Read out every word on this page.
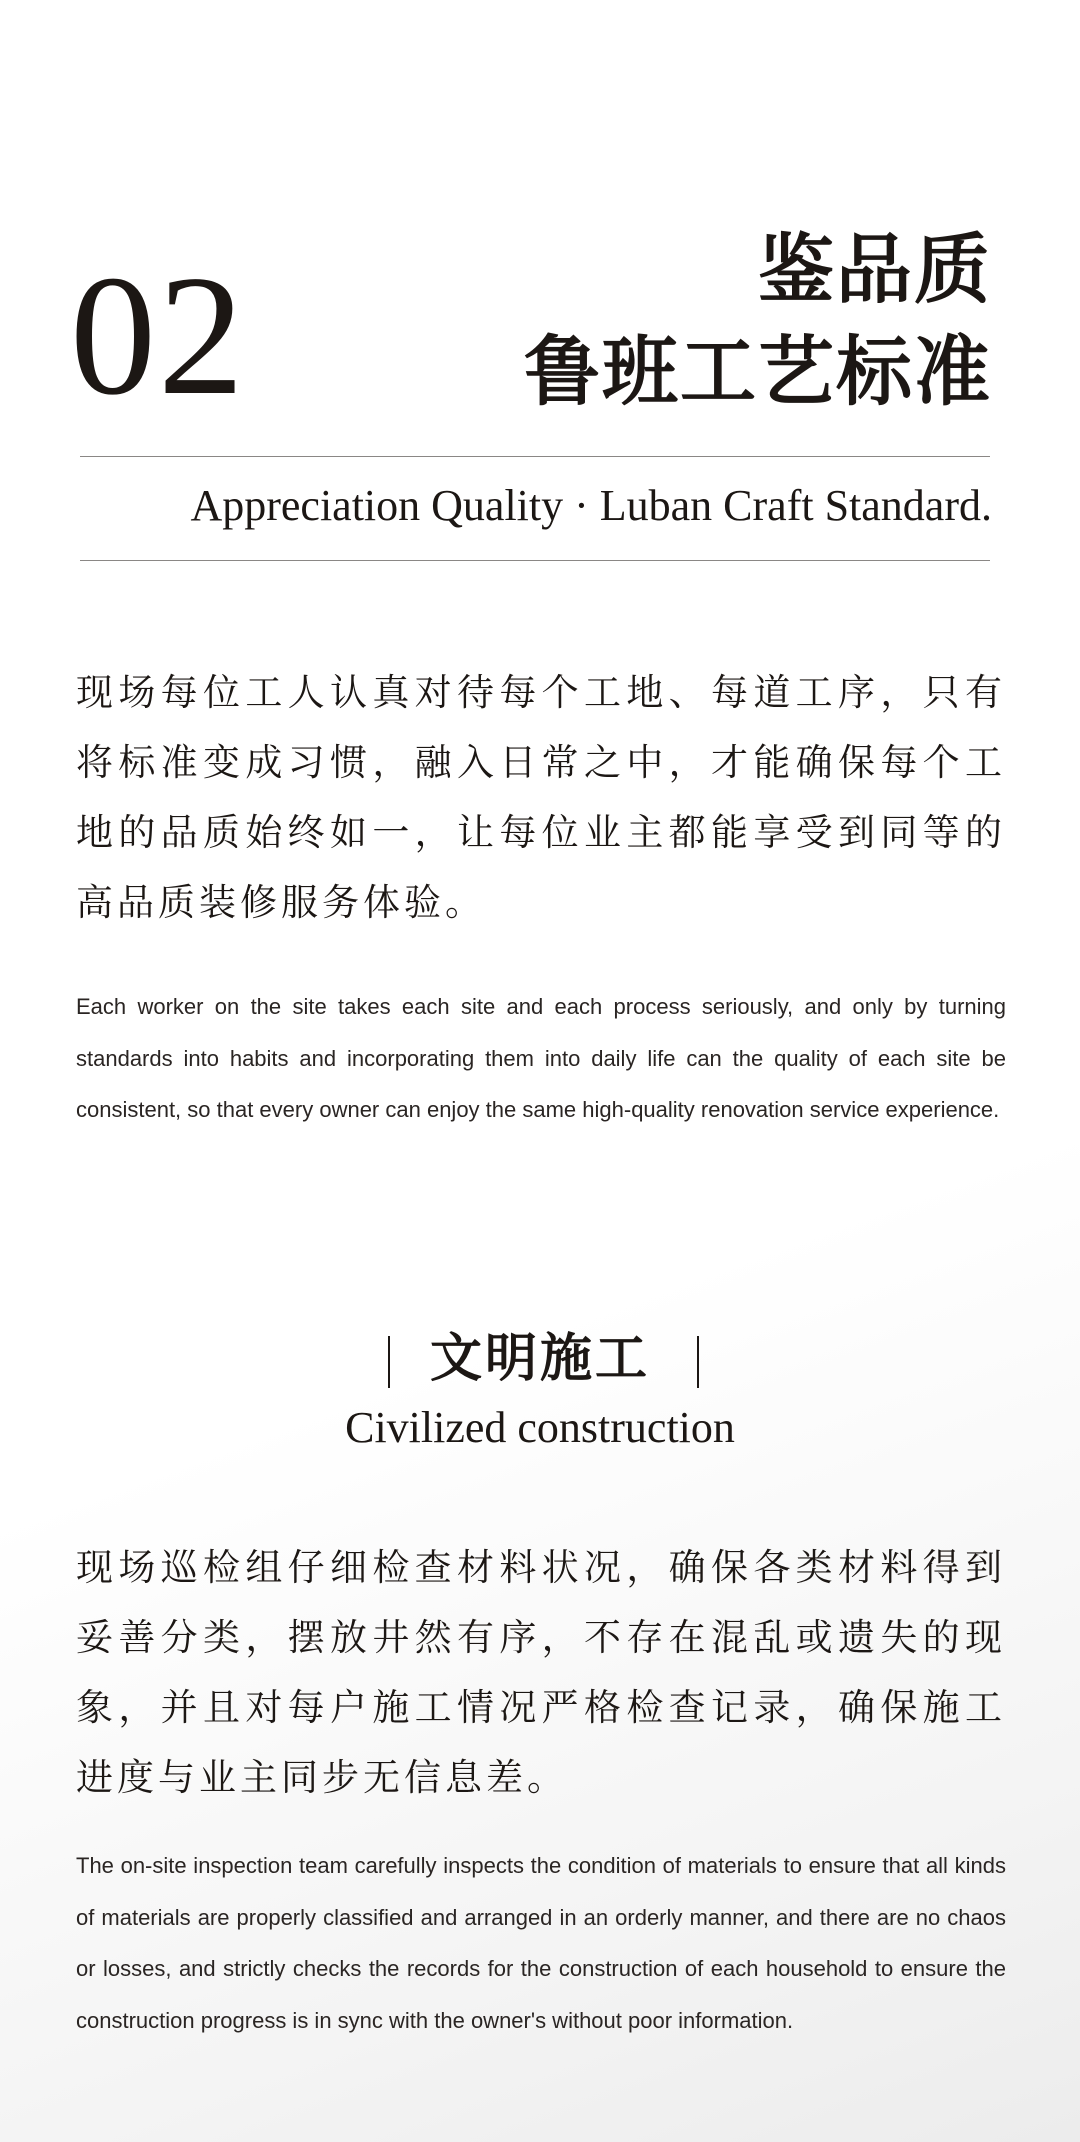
02	鉴品质
鲁班工艺标准
Appreciation Quality · Luban Craft Standard.
现场每位工人认真对待每个工地、每道工序，只有将标准变成习惯，融入日常之中，才能确保每个工地的品质始终如一，让每位业主都能享受到同等的高品质装修服务体验。
Each worker on the site takes each site and each process seriously, and only by turning standards into habits and incorporating them into daily life can the quality of each site be consistent, so that every owner can enjoy the same high-quality renovation service experience.
文明施工
Civilized construction
现场巡检组仔细检查材料状况，确保各类材料得到妥善分类，摆放井然有序，不存在混乱或遗失的现象，并且对每户施工情况严格检查记录，确保施工进度与业主同步无信息差。
The on-site inspection team carefully inspects the condition of materials to ensure that all kinds of materials are properly classified and arranged in an orderly manner, and there are no chaos or losses, and strictly checks the records for the construction of each household to ensure the construction progress is in sync with the owner's without poor information.
